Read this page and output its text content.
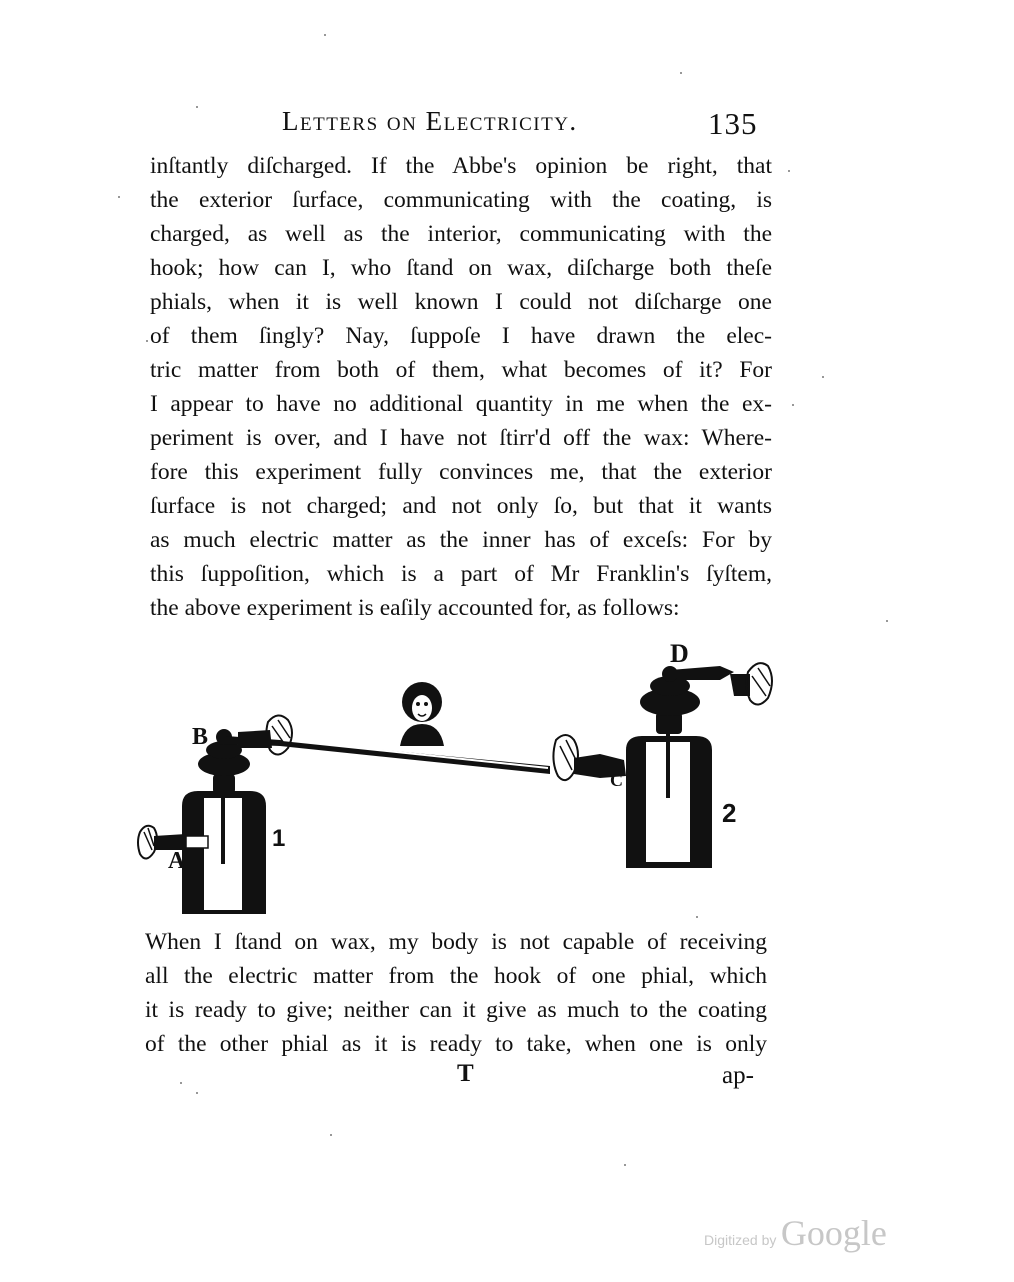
Letters on Electricity.	135
inſtantly diſcharged. If the Abbe's opinion be right, that
the exterior ſurface, communicating with the coating, is
charged, as well as the interior, communicating with the
hook; how can I, who ſtand on wax, diſcharge both theſe
phials, when it is well known I could not diſcharge one
of them ſingly? Nay, ſuppoſe I have drawn the elec-
tric matter from both of them, what becomes of it? For
I appear to have no additional quantity in me when the ex-
periment is over, and I have not ſtirr'd off the wax: Where-
fore this experiment fully convinces me, that the exterior
ſurface is not charged; and not only ſo, but that it wants
as much electric matter as the inner has of exceſs: For by
this ſuppoſition, which is a part of Mr Franklin's ſyſtem,
the above experiment is eaſily accounted for, as follows:
A
B
C
D
1
2
When I ſtand on wax, my body is not capable of receiving
all the electric matter from the hook of one phial, which
it is ready to give; neither can it give as much to the coating
of the other phial as it is ready to take, when one is only
T	ap-
Digitized by Google
